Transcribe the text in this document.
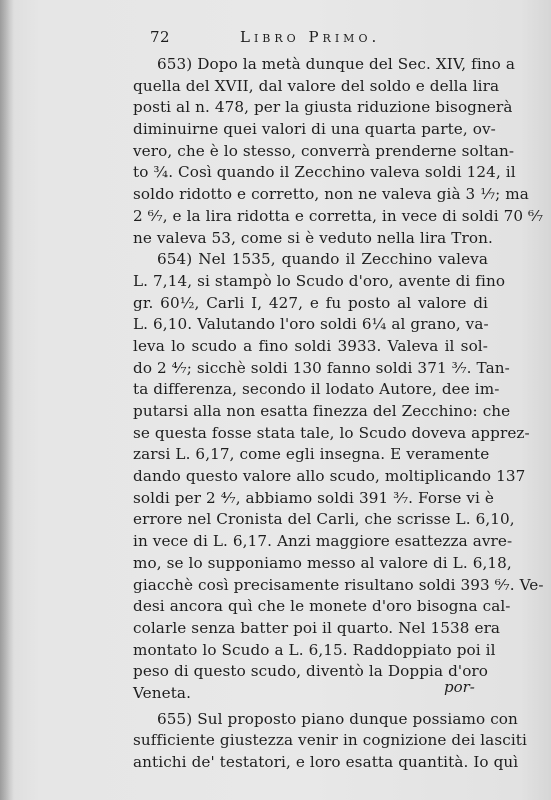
72	Libro Primo.
653) Dopo la metà dunque del Sec. XIV, fino a
quella del XVII, dal valore del soldo e della lira
posti al n. 478, per la giusta riduzione bisognerà
diminuirne quei valori di una quarta parte, ov-
vero, che è lo stesso, converrà prenderne soltan-
to ¾. Così quando il Zecchino valeva soldi 124, il
soldo ridotto e corretto, non ne valeva già 3 ⅐; ma
2 ⁶⁄₇, e la lira ridotta e corretta, in vece di soldi 70 ⁶⁄₇
ne valeva 53, come si è veduto nella lira Tron.
654) Nel 1535, quando il Zecchino valeva
L. 7,14, si stampò lo Scudo d'oro, avente di fino
gr. 60½, Carli I, 427, e fu posto al valore di
L. 6,10. Valutando l'oro soldi 6¼ al grano, va-
leva lo scudo a fino soldi 3933. Valeva il sol-
do 2 ⁴⁄₇; sicchè soldi 130 fanno soldi 371 ³⁄₇. Tan-
ta differenza, secondo il lodato Autore, dee im-
putarsi alla non esatta finezza del Zecchino: che
se questa fosse stata tale, lo Scudo doveva apprez-
zarsi L. 6,17, come egli insegna. E veramente
dando questo valore allo scudo, moltiplicando 137
soldi per 2 ⁴⁄₇, abbiamo soldi 391 ³⁄₇. Forse vi è
errore nel Cronista del Carli, che scrisse L. 6,10,
in vece di L. 6,17. Anzi maggiore esattezza avre-
mo, se lo supponiamo messo al valore di L. 6,18,
giacchè così precisamente risultano soldi 393 ⁶⁄₇. Ve-
desi ancora quì che le monete d'oro bisogna cal-
colarle senza batter poi il quarto. Nel 1538 era
montato lo Scudo a L. 6,15. Raddoppiato poi il
peso di questo scudo, diventò la Doppia d'oro
Veneta.
655) Sul proposto piano dunque possiamo con
sufficiente giustezza venir in cognizione dei lasciti
antichi de' testatori, e loro esatta quantità. Io quì
por-
